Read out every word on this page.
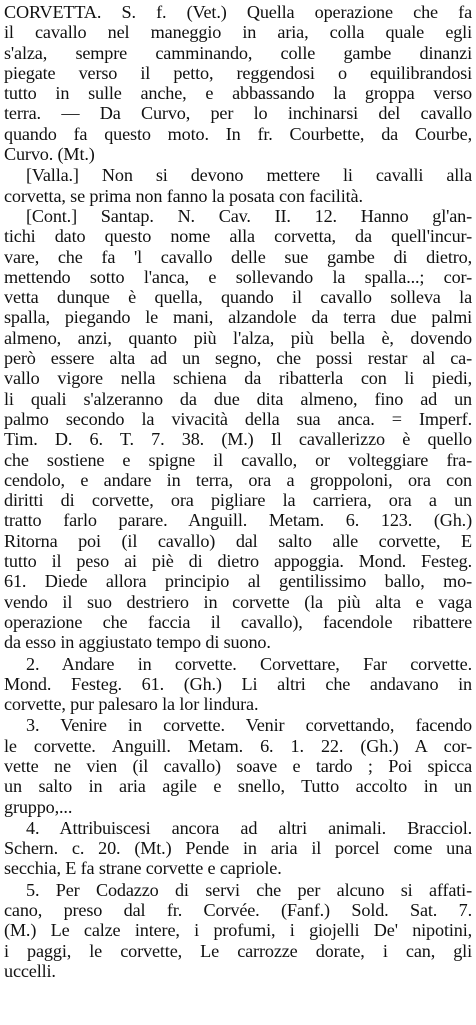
CORVETTA. S. f. (Vet.) Quella operazione che fa
il cavallo nel maneggio in aria, colla quale egli
s'alza, sempre camminando, colle gambe dinanzi
piegate verso il petto, reggendosi o equilibrandosi
tutto in sulle anche, e abbassando la groppa verso
terra. — Da Curvo, per lo inchinarsi del cavallo
quando fa questo moto. In fr. Courbette, da Courbe,
Curvo. (Mt.)
[Valla.] Non si devono mettere li cavalli alla
corvetta, se prima non fanno la posata con facilità.
[Cont.] Santap. N. Cav. II. 12. Hanno gl'an-
tichi dato questo nome alla corvetta, da quell'incur-
vare, che fa 'l cavallo delle sue gambe di dietro,
mettendo sotto l'anca, e sollevando la spalla...; cor-
vetta dunque è quella, quando il cavallo solleva la
spalla, piegando le mani, alzandole da terra due palmi
almeno, anzi, quanto più l'alza, più bella è, dovendo
però essere alta ad un segno, che possi restar al ca-
vallo vigore nella schiena da ribatterla con li piedi,
li quali s'alzeranno da due dita almeno, fino ad un
palmo secondo la vivacità della sua anca. = Imperf.
Tim. D. 6. T. 7. 38. (M.) Il cavallerizzo è quello
che sostiene e spigne il cavallo, or volteggiare fra-
cendolo, e andare in terra, ora a groppoloni, ora con
diritti di corvette, ora pigliare la carriera, ora a un
tratto farlo parare. Anguill. Metam. 6. 123. (Gh.)
Ritorna poi (il cavallo) dal salto alle corvette, E
tutto il peso ai piè di dietro appoggia. Mond. Festeg.
61. Diede allora principio al gentilissimo ballo, mo-
vendo il suo destriero in corvette (la più alta e vaga
operazione che faccia il cavallo), facendole ribattere
da esso in aggiustato tempo di suono.
2. Andare in corvette. Corvettare, Far corvette.
Mond. Festeg. 61. (Gh.) Li altri che andavano in
corvette, pur palesaro la lor lindura.
3. Venire in corvette. Venir corvettando, facendo
le corvette. Anguill. Metam. 6. 1. 22. (Gh.) A cor-
vette ne vien (il cavallo) soave e tardo ; Poi spicca
un salto in aria agile e snello, Tutto accolto in un
gruppo,...
4. Attribuiscesi ancora ad altri animali. Bracciol.
Schern. c. 20. (Mt.) Pende in aria il porcel come una
secchia, E fa strane corvette e capriole.
5. Per Codazzo di servi che per alcuno si affati-
cano, preso dal fr. Corvée. (Fanf.) Sold. Sat. 7.
(M.) Le calze intere, i profumi, i giojelli De' nipotini,
i paggi, le corvette, Le carrozze dorate, i can, gli
uccelli.
